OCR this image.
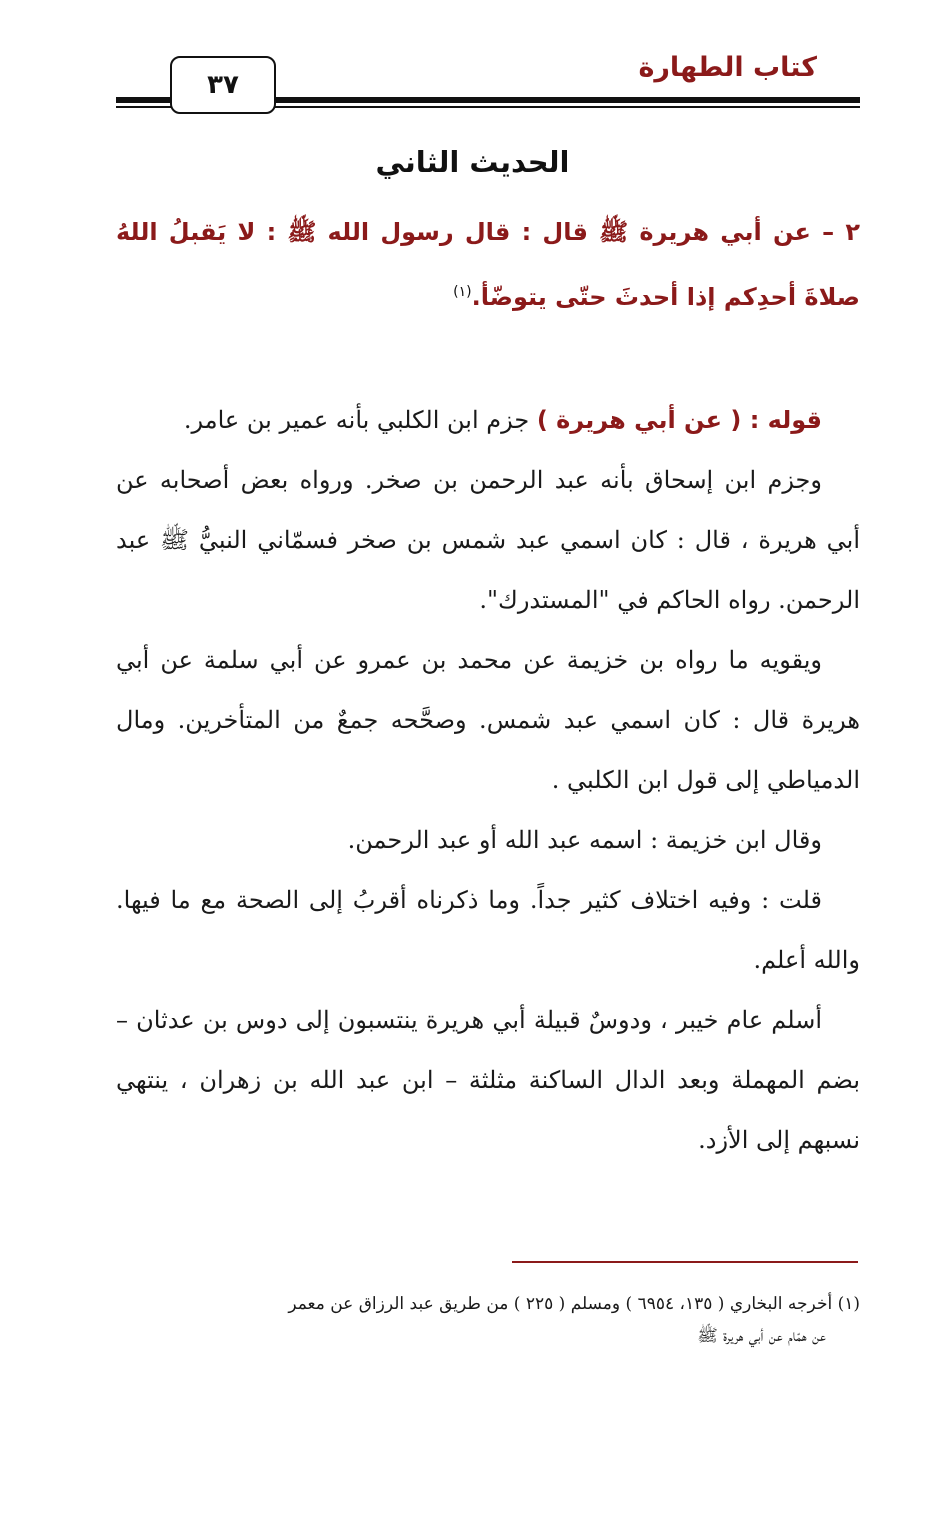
كتاب الطهارة
٣٧
الحديث الثاني
٢ – عن أبي هريرة ﷺ قال : قال رسول الله ﷺ : لا يَقبلُ اللهُ صلاةَ أحدِكم إذا أحدثَ حتّى يتوضّأ.$^{(١)}$

قوله : ( عن أبي هريرة ) جزم ابن الكلبي بأنه عمير بن عامر.

وجزم ابن إسحاق بأنه عبد الرحمن بن صخر. ورواه بعض أصحابه عن أبي هريرة ، قال : كان اسمي عبد شمس بن صخر فسمّاني النبيُّ ﷺ عبد الرحمن. رواه الحاكم في "المستدرك".

ويقويه ما رواه بن خزيمة عن محمد بن عمرو عن أبي سلمة عن أبي هريرة قال : كان اسمي عبد شمس. وصحَّحه جمعٌ من المتأخرين. ومال الدمياطي إلى قول ابن الكلبي .

وقال ابن خزيمة : اسمه عبد الله أو عبد الرحمن.

قلت : وفيه اختلاف كثير جداً. وما ذكرناه أقربُ إلى الصحة مع ما فيها. والله أعلم.

أسلم عام خيبر ، ودوسٌ قبيلة أبي هريرة ينتسبون إلى دوس بن عدثان – بضم المهملة وبعد الدال الساكنة مثلثة – ابن عبد الله بن زهران ، ينتهي نسبهم إلى الأزد.

(١) أخرجه البخاري ( ١٣٥، ٦٩٥٤ ) ومسلم ( ٢٢٥ ) من طريق عبد الرزاق عن معمر

عن همّام عن أبي هريرة ﷺ
